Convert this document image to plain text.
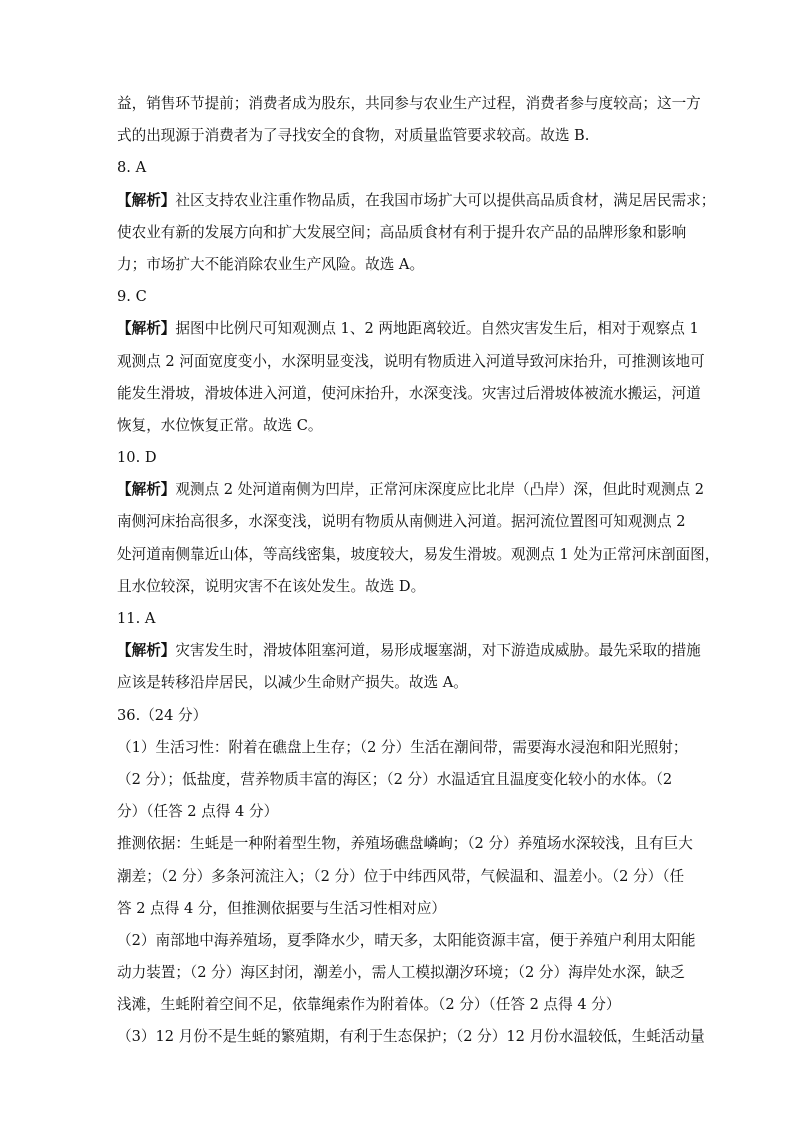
益，销售环节提前；消费者成为股东，共同参与农业生产过程，消费者参与度较高；这一方
式的出现源于消费者为了寻找安全的食物，对质量监管要求较高。故选 B.
8. A
【解析】社区支持农业注重作物品质，在我国市场扩大可以提供高品质食材，满足居民需求；
使农业有新的发展方向和扩大发展空间；高品质食材有利于提升农产品的品牌形象和影响
力；市场扩大不能消除农业生产风险。故选 A。
9. C
【解析】据图中比例尺可知观测点 1、2 两地距离较近。自然灾害发生后，相对于观察点 1
观测点 2 河面宽度变小，水深明显变浅，说明有物质进入河道导致河床抬升，可推测该地可
能发生滑坡，滑坡体进入河道，使河床抬升，水深变浅。灾害过后滑坡体被流水搬运，河道
恢复，水位恢复正常。故选 C。
10. D
【解析】观测点 2 处河道南侧为凹岸，正常河床深度应比北岸（凸岸）深，但此时观测点 2
南侧河床抬高很多，水深变浅，说明有物质从南侧进入河道。据河流位置图可知观测点 2
处河道南侧靠近山体，等高线密集，坡度较大，易发生滑坡。观测点 1 处为正常河床剖面图，
且水位较深，说明灾害不在该处发生。故选 D。
11. A
【解析】灾害发生时，滑坡体阻塞河道，易形成堰塞湖，对下游造成威胁。最先采取的措施
应该是转移沿岸居民，以减少生命财产损失。故选 A。
36.（24 分）
（1）生活习性：附着在礁盘上生存；（2 分）生活在潮间带，需要海水浸泡和阳光照射；
（2 分）；低盐度，营养物质丰富的海区；（2 分）水温适宜且温度变化较小的水体。（2
分）（任答 2 点得 4 分）
推测依据：生蚝是一种附着型生物，养殖场礁盘嶙峋；（2 分）养殖场水深较浅，且有巨大
潮差；（2 分）多条河流注入；（2 分）位于中纬西风带，气候温和、温差小。（2 分）（任
答 2 点得 4 分，但推测依据要与生活习性相对应）
（2）南部地中海养殖场，夏季降水少，晴天多，太阳能资源丰富，便于养殖户利用太阳能
动力装置；（2 分）海区封闭，潮差小，需人工模拟潮汐环境；（2 分）海岸处水深，缺乏
浅滩，生蚝附着空间不足，依靠绳索作为附着体。（2 分）（任答 2 点得 4 分）
（3）12 月份不是生蚝的繁殖期，有利于生态保护；（2 分）12 月份水温较低，生蚝活动量
